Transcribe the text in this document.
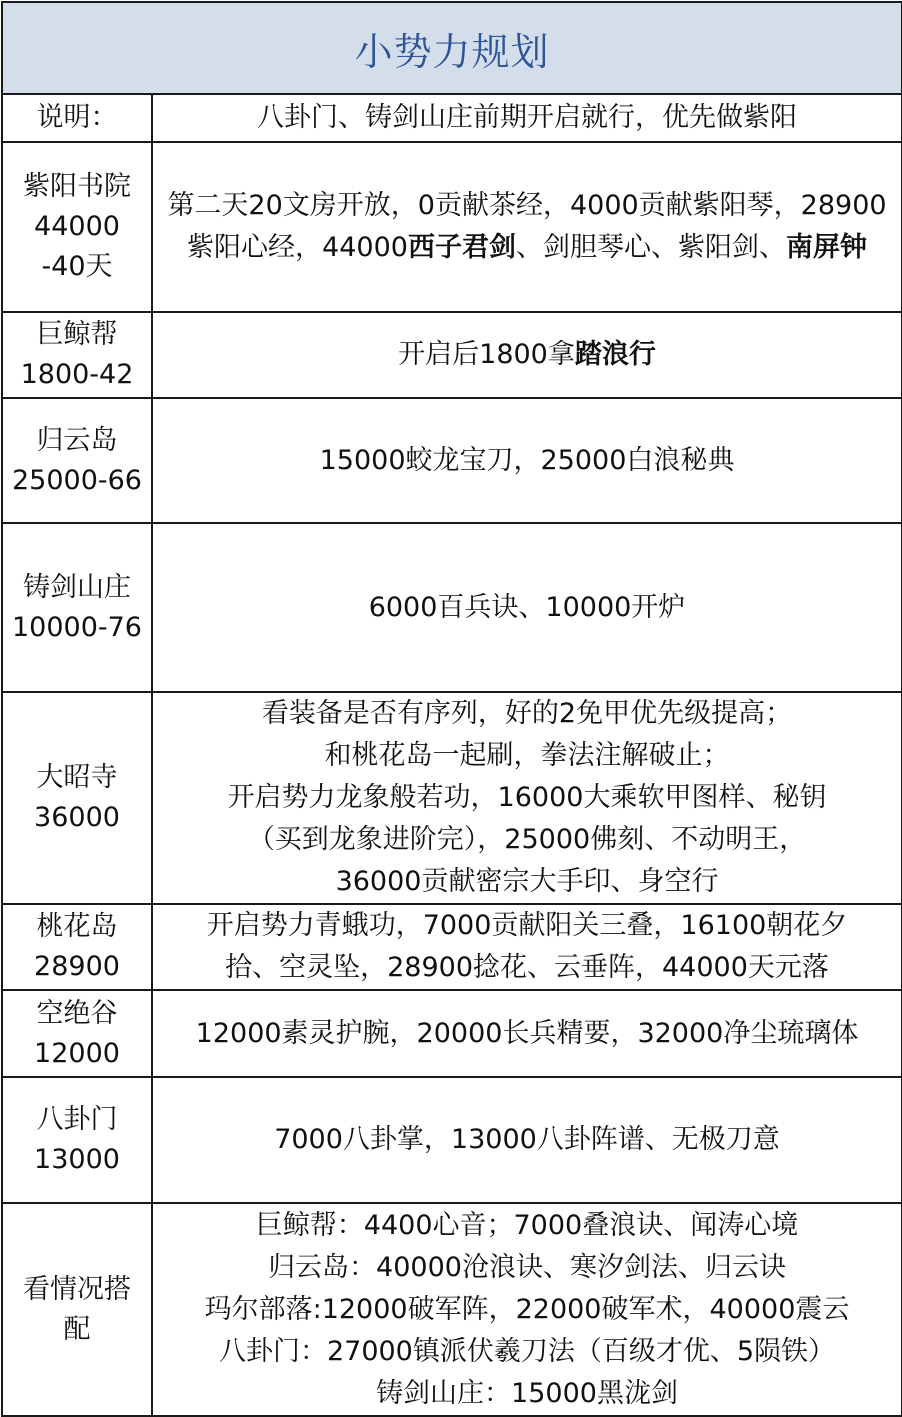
小势力规划	

说明：	八卦门、铸剑山庄前期开启就行，优先做紫阳

紫阳书院
44000
-40天	第二天20文房开放，0贡献茶经，4000贡献紫阳琴，28900紫阳心经，44000西子君剑、剑胆琴心、紫阳剑、南屏钟

巨鲸帮
1800-42	开启后1800拿踏浪行

归云岛
25000-66	15000蛟龙宝刀，25000白浪秘典

铸剑山庄
10000-76	6000百兵诀、10000开炉

大昭寺
36000	看装备是否有序列，好的2免甲优先级提高；
和桃花岛一起刷，拳法注解破止；
开启势力龙象般若功，16000大乘软甲图样、秘钥
（买到龙象进阶完），25000佛刻、不动明王，
36000贡献密宗大手印、身空行

桃花岛
28900	开启势力青蛾功，7000贡献阳关三叠，16100朝花夕
拾、空灵坠，28900捻花、云垂阵，44000天元落

空绝谷
12000	12000素灵护腕，20000长兵精要，32000净尘琉璃体

八卦门
13000	7000八卦掌，13000八卦阵谱、无极刀意

看情况搭
配	巨鲸帮：4400心音；7000叠浪诀、闻涛心境
归云岛：40000沧浪诀、寒汐剑法、归云诀
玛尔部落:12000破军阵，22000破军术，40000震云
八卦门：27000镇派伏羲刀法（百级才优、5陨铁）
铸剑山庄：15000黑泷剑
